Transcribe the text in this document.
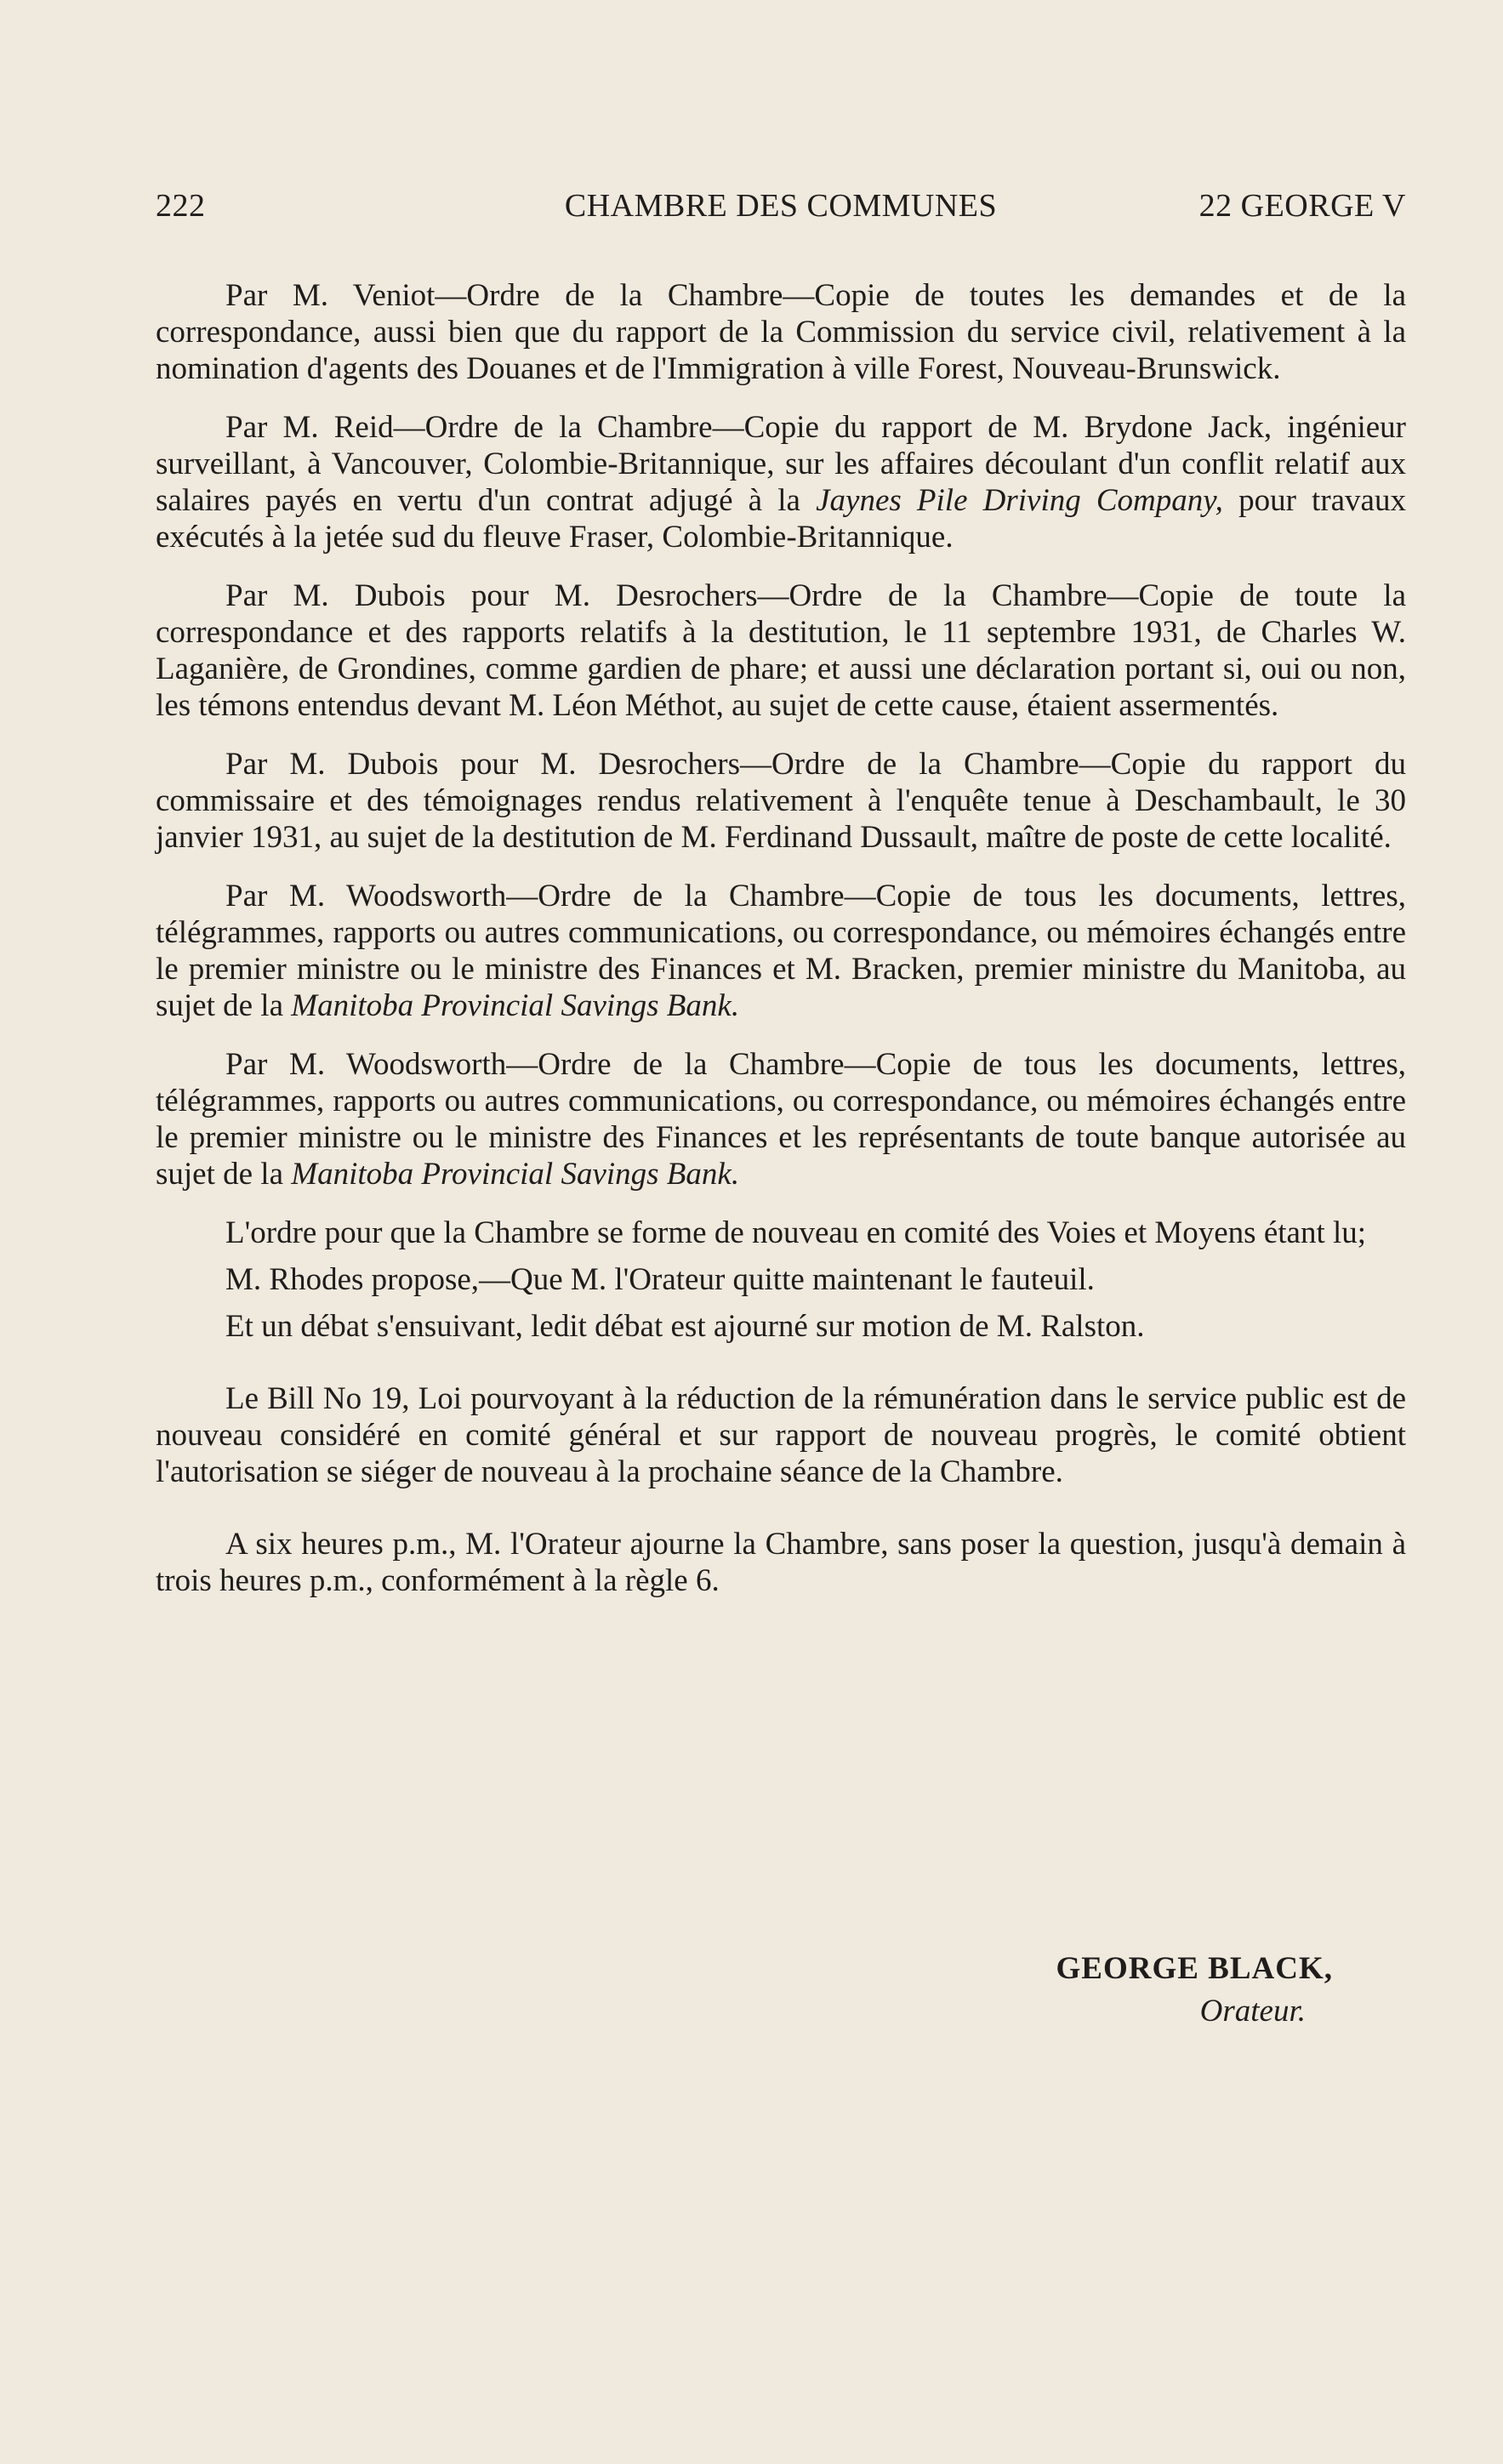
222	CHAMBRE DES COMMUNES	22 GEORGE V

Par M. Veniot—Ordre de la Chambre—Copie de toutes les demandes et de la correspondance, aussi bien que du rapport de la Commission du service civil, relativement à la nomination d'agents des Douanes et de l'Immigration à ville Forest, Nouveau-Brunswick.

Par M. Reid—Ordre de la Chambre—Copie du rapport de M. Brydone Jack, ingénieur surveillant, à Vancouver, Colombie-Britannique, sur les affaires découlant d'un conflit relatif aux salaires payés en vertu d'un contrat adjugé à la Jaynes Pile Driving Company, pour travaux exécutés à la jetée sud du fleuve Fraser, Colombie-Britannique.

Par M. Dubois pour M. Desrochers—Ordre de la Chambre—Copie de toute la correspondance et des rapports relatifs à la destitution, le 11 septembre 1931, de Charles W. Laganière, de Grondines, comme gardien de phare; et aussi une déclaration portant si, oui ou non, les témons entendus devant M. Léon Méthot, au sujet de cette cause, étaient assermentés.

Par M. Dubois pour M. Desrochers—Ordre de la Chambre—Copie du rapport du commissaire et des témoignages rendus relativement à l'enquête tenue à Deschambault, le 30 janvier 1931, au sujet de la destitution de M. Ferdinand Dussault, maître de poste de cette localité.

Par M. Woodsworth—Ordre de la Chambre—Copie de tous les documents, lettres, télégrammes, rapports ou autres communications, ou correspondance, ou mémoires échangés entre le premier ministre ou le ministre des Finances et M. Bracken, premier ministre du Manitoba, au sujet de la Manitoba Provincial Savings Bank.

Par M. Woodsworth—Ordre de la Chambre—Copie de tous les documents, lettres, télégrammes, rapports ou autres communications, ou correspondance, ou mémoires échangés entre le premier ministre ou le ministre des Finances et les représentants de toute banque autorisée au sujet de la Manitoba Provincial Savings Bank.

L'ordre pour que la Chambre se forme de nouveau en comité des Voies et Moyens étant lu;

M. Rhodes propose,—Que M. l'Orateur quitte maintenant le fauteuil.

Et un débat s'ensuivant, ledit débat est ajourné sur motion de M. Ralston.

Le Bill No 19, Loi pourvoyant à la réduction de la rémunération dans le service public est de nouveau considéré en comité général et sur rapport de nouveau progrès, le comité obtient l'autorisation se siéger de nouveau à la prochaine séance de la Chambre.

A six heures p.m., M. l'Orateur ajourne la Chambre, sans poser la question, jusqu'à demain à trois heures p.m., conformément à la règle 6.

GEORGE BLACK,
Orateur.
